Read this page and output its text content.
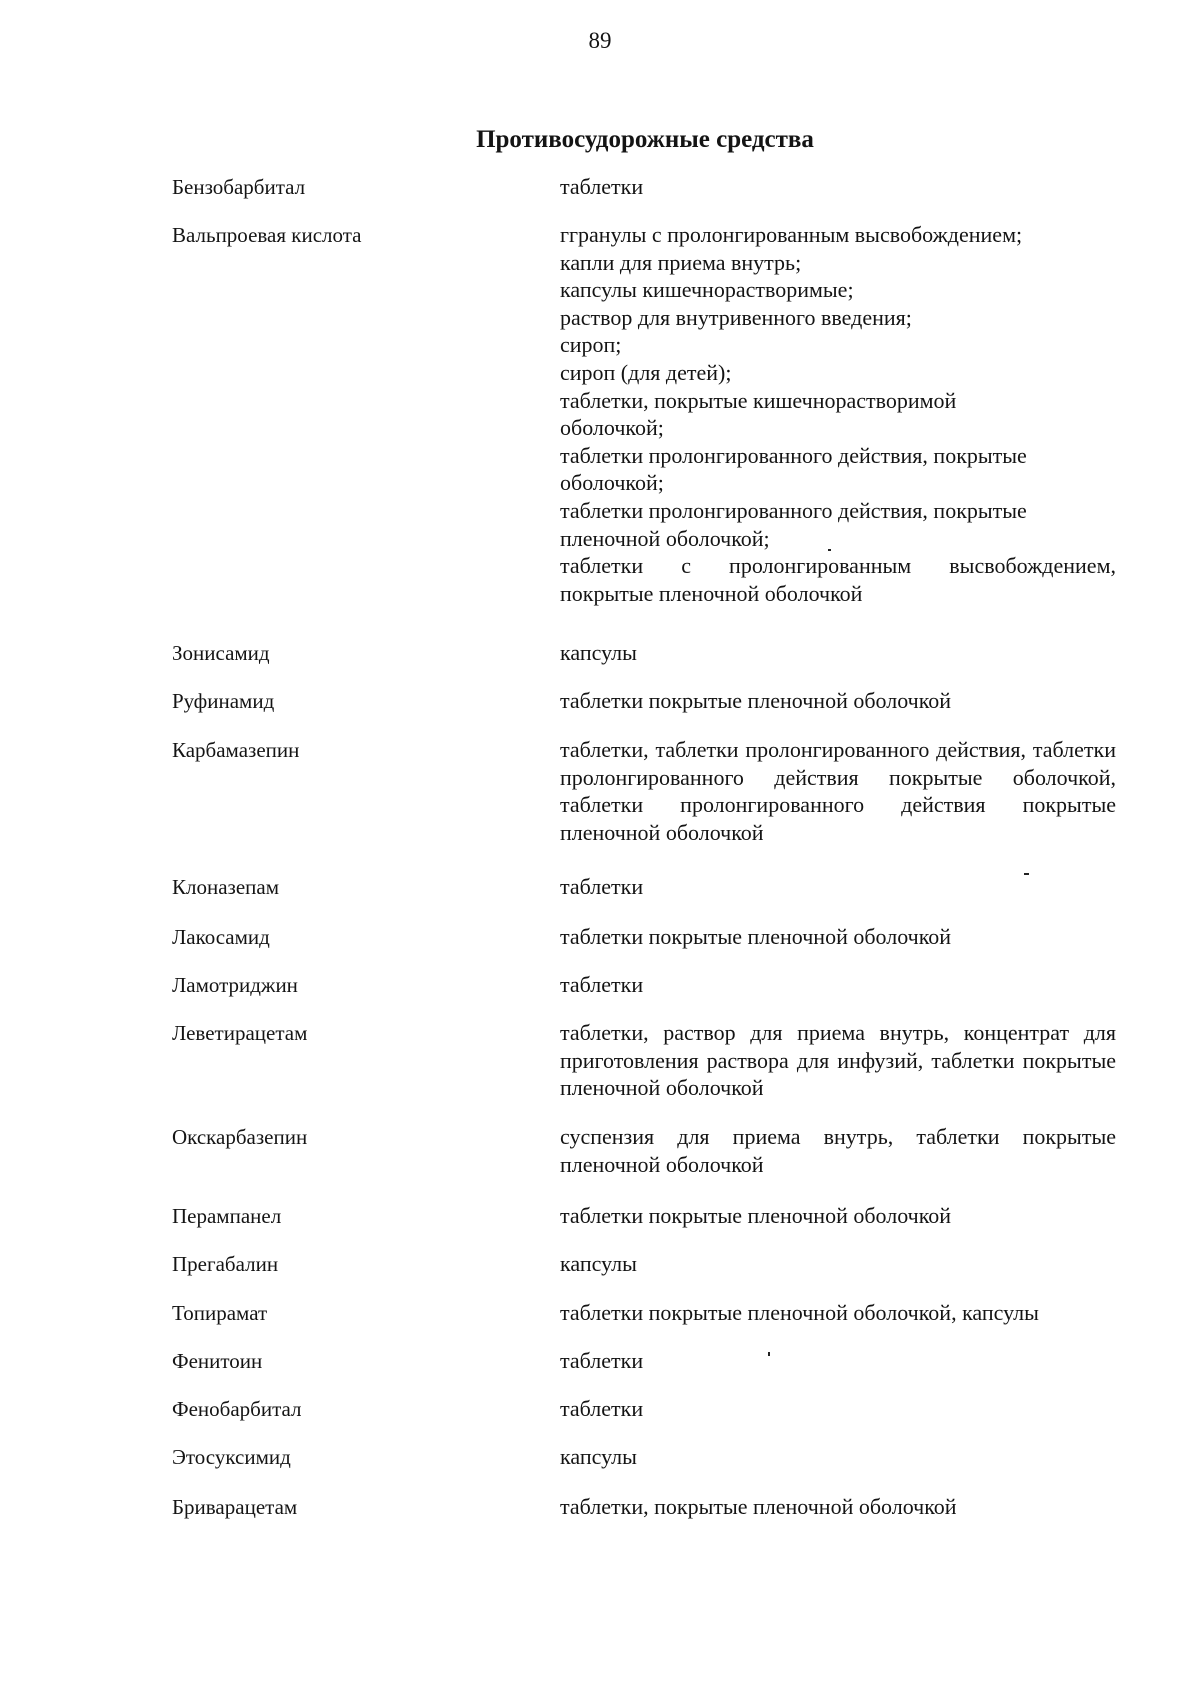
89
Противосудорожные средства
Бензобарбитал	таблетки
Вальпроевая кислота	ггранулы с пролонгированным высвобождением;
капли для приема внутрь;
капсулы кишечнорастворимые;
раствор для внутривенного введения;
сироп;
сироп (для детей);
таблетки, покрытые кишечнорастворимой
оболочкой;
таблетки пролонгированного действия, покрытые
оболочкой;
таблетки пролонгированного действия, покрытые
пленочной оболочкой;
таблетки с пролонгированным высвобождением,
покрытые пленочной оболочкой
Зонисамид	капсулы
Руфинамид	таблетки покрытые пленочной оболочкой
Карбамазепин	таблетки, таблетки пролонгированного действия, таблетки пролонгированного действия покрытые оболочкой, таблетки пролонгированного действия покрытые пленочной оболочкой
Клоназепам	таблетки
Лакосамид	таблетки покрытые пленочной оболочкой
Ламотриджин	таблетки
Леветирацетам	таблетки, раствор для приема внутрь, концентрат для приготовления раствора для инфузий, таблетки покрытые пленочной оболочкой
Окскарбазепин	суспензия для приема внутрь, таблетки покрытые пленочной оболочкой
Перампанел	таблетки покрытые пленочной оболочкой
Прегабалин	капсулы
Топирамат	таблетки покрытые пленочной оболочкой, капсулы
Фенитоин	таблетки
Фенобарбитал	таблетки
Этосуксимид	капсулы
Бриварацетам	таблетки, покрытые пленочной оболочкой
